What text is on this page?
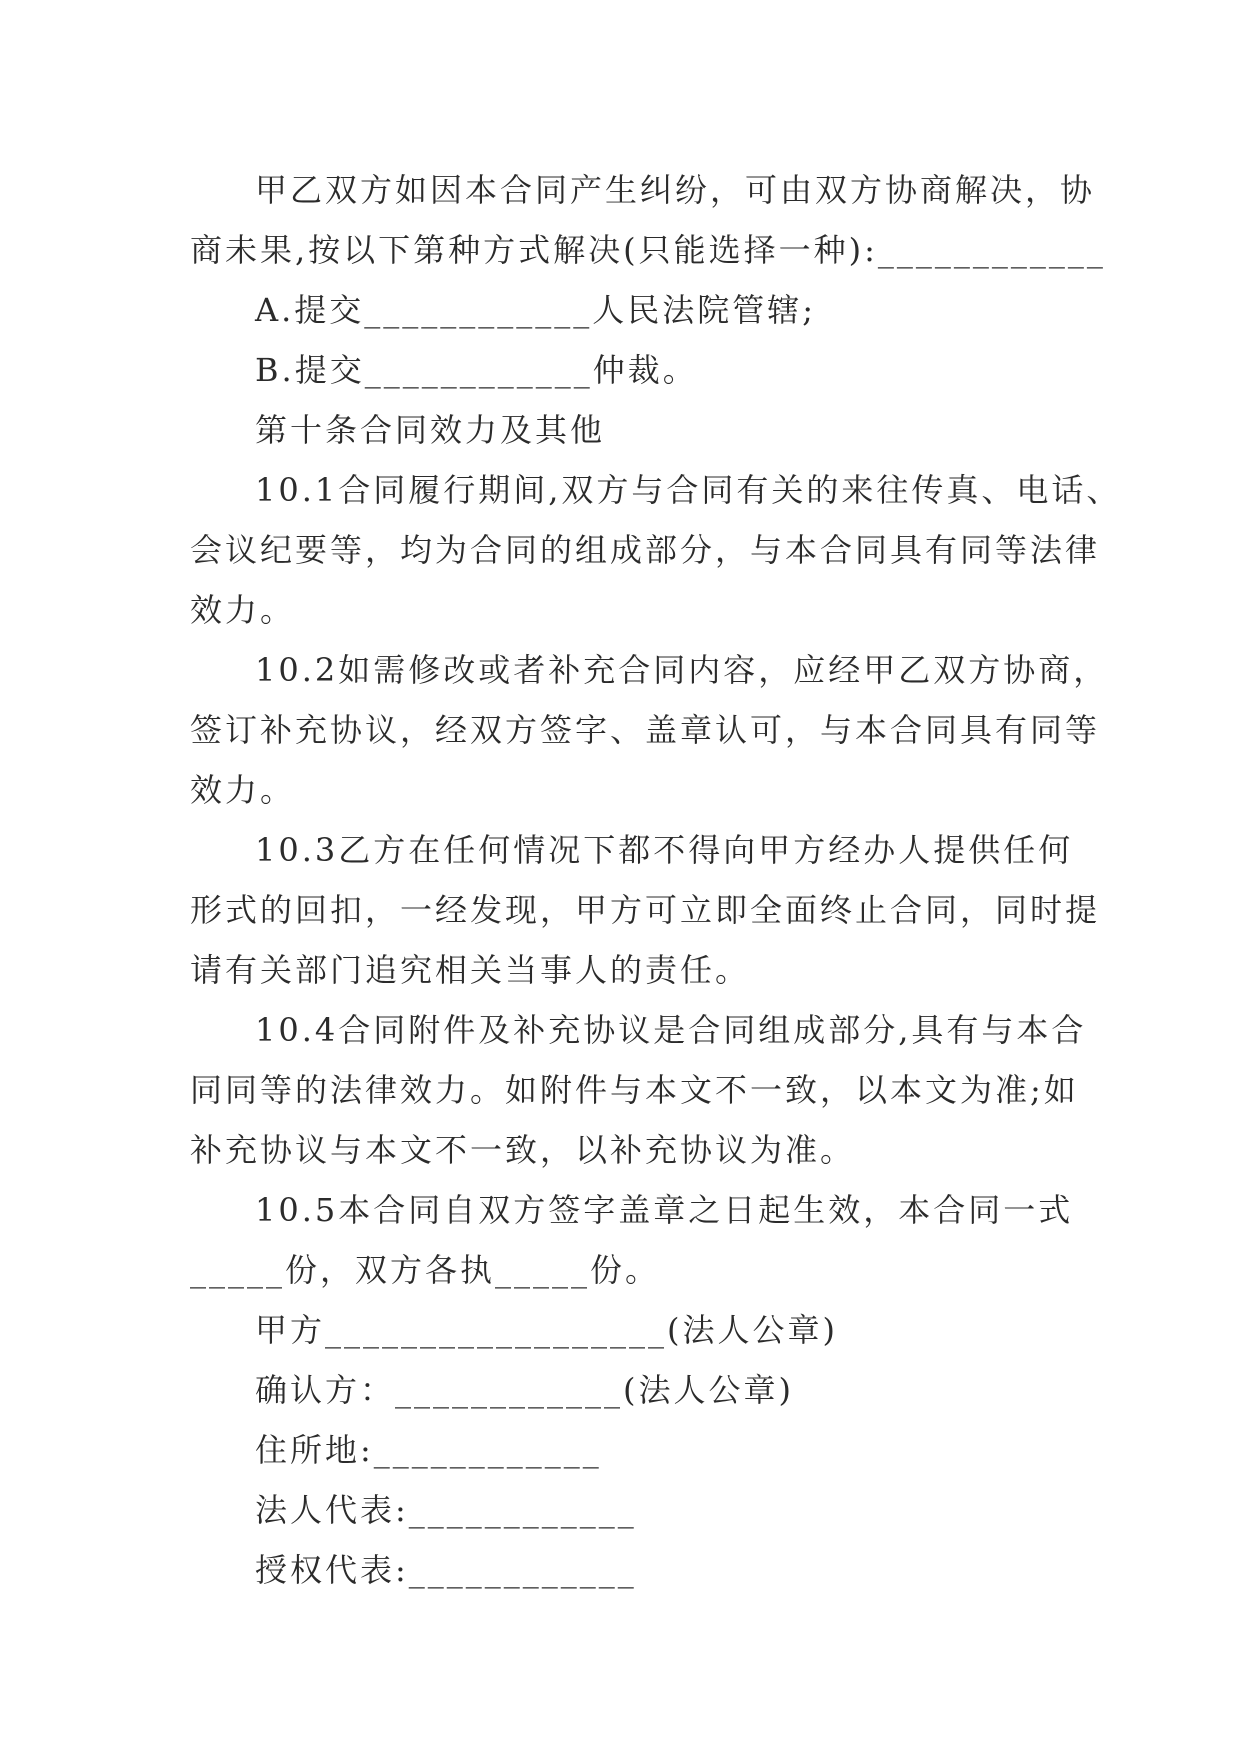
甲乙双方如因本合同产生纠纷，可由双方协商解决，协
商未果,按以下第种方式解决(只能选择一种):____________
A.提交____________人民法院管辖;
B.提交____________仲裁。
第十条合同效力及其他
10.1合同履行期间,双方与合同有关的来往传真、电话、
会议纪要等，均为合同的组成部分，与本合同具有同等法律
效力。
10.2如需修改或者补充合同内容，应经甲乙双方协商，
签订补充协议，经双方签字、盖章认可，与本合同具有同等
效力。
10.3乙方在任何情况下都不得向甲方经办人提供任何
形式的回扣，一经发现，甲方可立即全面终止合同，同时提
请有关部门追究相关当事人的责任。
10.4合同附件及补充协议是合同组成部分,具有与本合
同同等的法律效力。如附件与本文不一致，以本文为准;如
补充协议与本文不一致，以补充协议为准。
10.5本合同自双方签字盖章之日起生效，本合同一式
_____份，双方各执_____份。
甲方__________________(法人公章)
确认方：____________(法人公章)
住所地:____________
法人代表:____________
授权代表:____________
